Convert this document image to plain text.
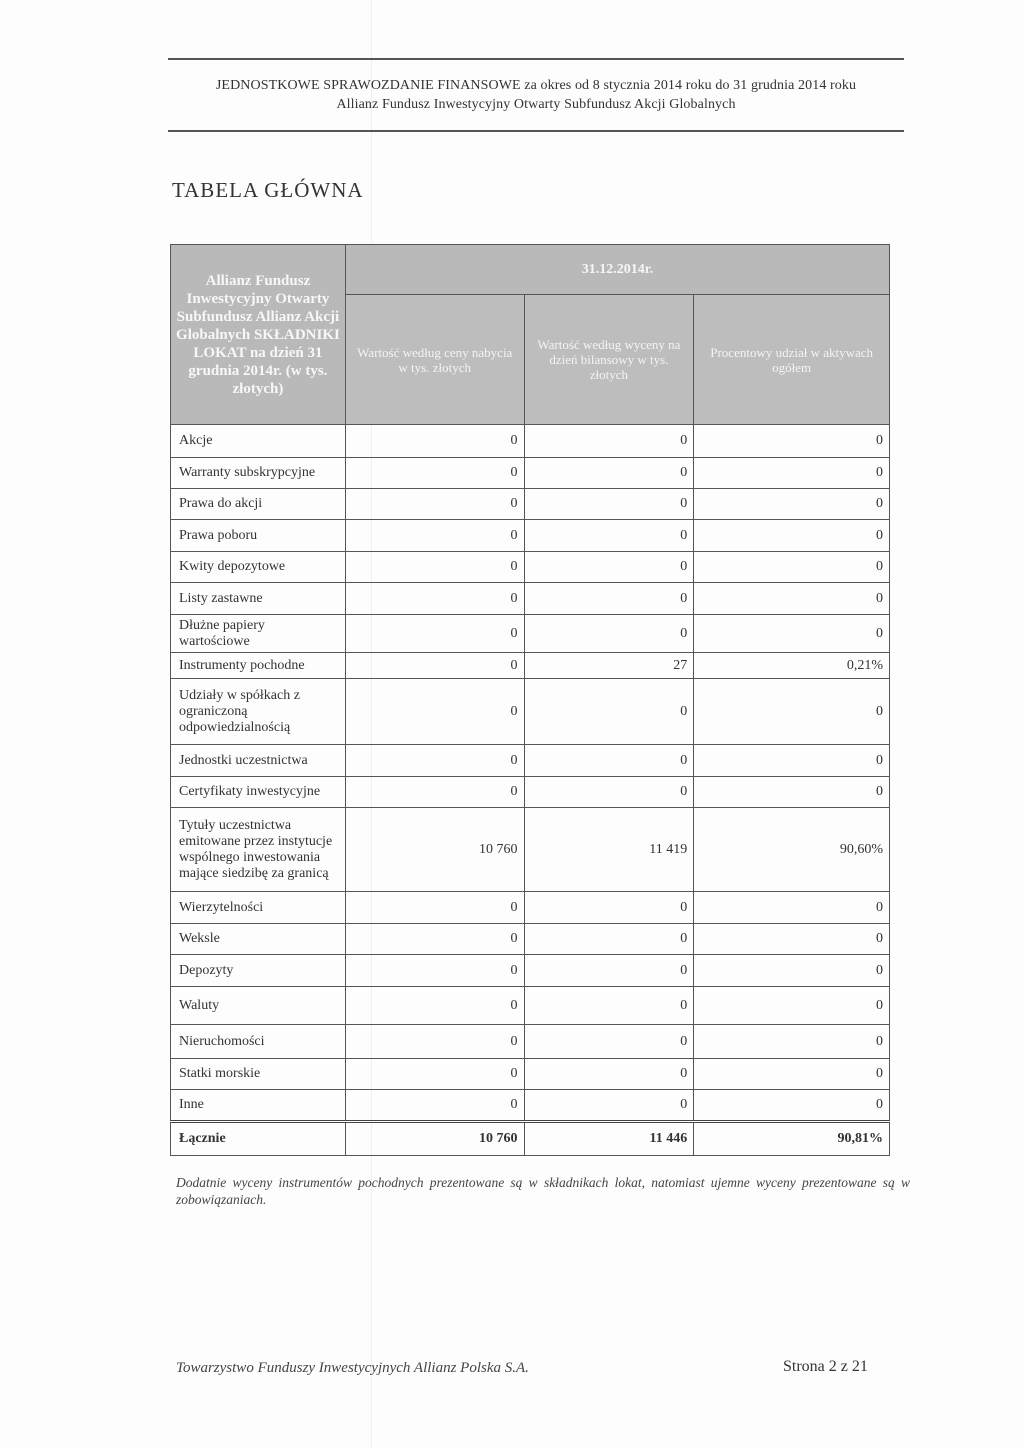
JEDNOSTKOWE SPRAWOZDANIE FINANSOWE za okres od 8 stycznia 2014 roku do 31 grudnia 2014 roku
Allianz Fundusz Inwestycyjny Otwarty Subfundusz Akcji Globalnych
TABELA GŁÓWNA
Allianz Fundusz Inwestycyjny Otwarty Subfundusz Allianz Akcji Globalnych SKŁADNIKI LOKAT na dzień 31 grudnia 2014r. (w tys. złotych)	31.12.2014r.		
	Wartość według ceny nabycia w tys. złotych	Wartość według wyceny na dzień bilansowy w tys. złotych	Procentowy udział w aktywach ogółem
Akcje	0	0	0
Warranty subskrypcyjne	0	0	0
Prawa do akcji	0	0	0
Prawa poboru	0	0	0
Kwity depozytowe	0	0	0
Listy zastawne	0	0	0
Dłużne papiery wartościowe	0	0	0
Instrumenty pochodne	0	27	0,21%
Udziały w spółkach z ograniczoną odpowiedzialnością	0	0	0
Jednostki uczestnictwa	0	0	0
Certyfikaty inwestycyjne	0	0	0
Tytuły uczestnictwa emitowane przez instytucje wspólnego inwestowania mające siedzibę za granicą	10 760	11 419	90,60%
Wierzytelności	0	0	0
Weksle	0	0	0
Depozyty	0	0	0
Waluty	0	0	0
Nieruchomości	0	0	0
Statki morskie	0	0	0
Inne	0	0	0
Łącznie	10 760	11 446	90,81%
Dodatnie wyceny instrumentów pochodnych prezentowane są w składnikach lokat, natomiast ujemne wyceny prezentowane są w zobowiązaniach.
Towarzystwo Funduszy Inwestycyjnych Allianz Polska S.A.	Strona 2 z 21
